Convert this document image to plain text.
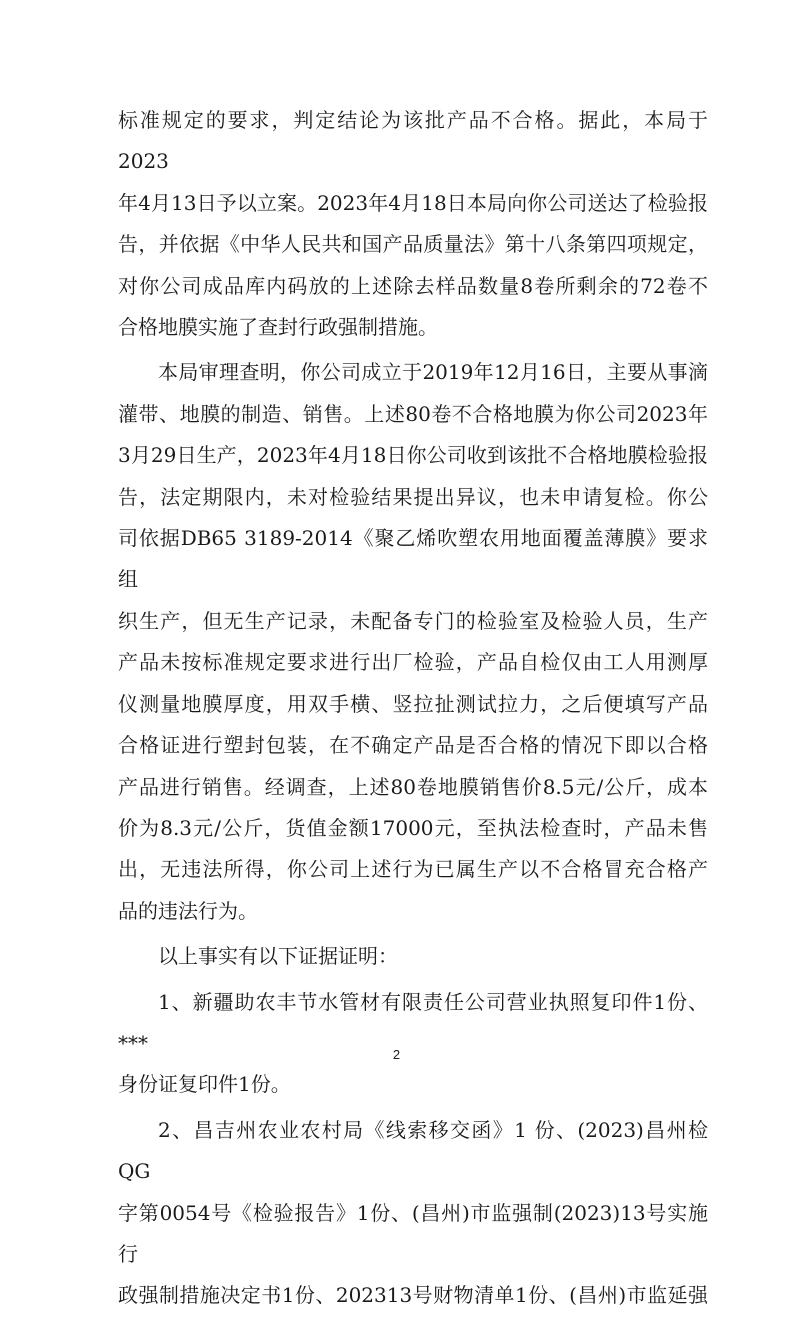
标准规定的要求，判定结论为该批产品不合格。据此，本局于2023

年4月13日予以立案。2023年4月18日本局向你公司送达了检验报

告，并依据《中华人民共和国产品质量法》第十八条第四项规定，

对你公司成品库内码放的上述除去样品数量8卷所剩余的72卷不

合格地膜实施了查封行政强制措施。

本局审理查明，你公司成立于2019年12月16日，主要从事滴

灌带、地膜的制造、销售。上述80卷不合格地膜为你公司2023年

3月29日生产，2023年4月18日你公司收到该批不合格地膜检验报

告，法定期限内，未对检验结果提出异议，也未申请复检。你公

司依据DB65 3189-2014《聚乙烯吹塑农用地面覆盖薄膜》要求组

织生产，但无生产记录，未配备专门的检验室及检验人员，生产

产品未按标准规定要求进行出厂检验，产品自检仅由工人用测厚

仪测量地膜厚度，用双手横、竖拉扯测试拉力，之后便填写产品

合格证进行塑封包装，在不确定产品是否合格的情况下即以合格

产品进行销售。经调查，上述80卷地膜销售价8.5元/公斤，成本

价为8.3元/公斤，货值金额17000元，至执法检查时，产品未售

出，无违法所得，你公司上述行为已属生产以不合格冒充合格产

品的违法行为。

以上事实有以下证据证明：

1、新疆助农丰节水管材有限责任公司营业执照复印件1份、***

身份证复印件1份。

2、昌吉州农业农村局《线索移交函》1 份、(2023)昌州检QG

字第0054号《检验报告》1份、(昌州)市监强制(2023)13号实施行

政强制措施决定书1份、202313号财物清单1份、(昌州)市监延强

2
